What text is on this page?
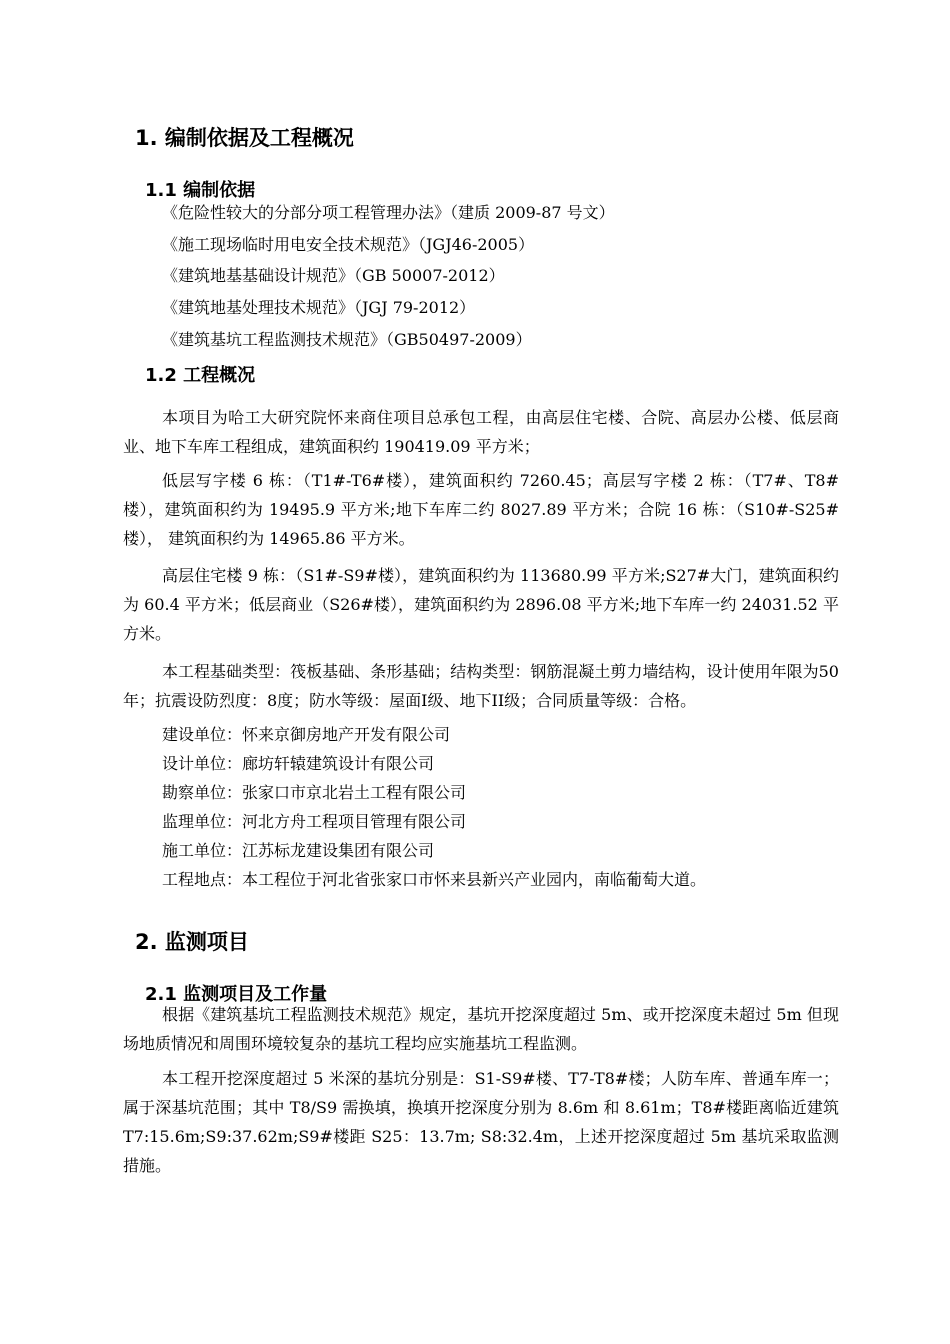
1. 编制依据及工程概况
1.1 编制依据
《危险性较大的分部分项工程管理办法》（建质 2009-87 号文）
《施工现场临时用电安全技术规范》（JGJ46-2005）
《建筑地基基础设计规范》（GB 50007-2012）
《建筑地基处理技术规范》（JGJ 79-2012）
《建筑基坑工程监测技术规范》（GB50497-2009）
1.2 工程概况

本项目为哈工大研究院怀来商住项目总承包工程，由高层住宅楼、合院、高层办公楼、低层商业、地下车库工程组成，建筑面积约 190419.09 平方米；

低层写字楼 6 栋：（T1#-T6#楼），建筑面积约 7260.45；高层写字楼 2 栋：（T7#、T8#楼），建筑面积约为 19495.9 平方米;地下车库二约 8027.89 平方米；合院 16 栋：（S10#-S25#楼）， 建筑面积约为 14965.86 平方米。

高层住宅楼 9 栋：（S1#-S9#楼），建筑面积约为 113680.99 平方米;S27#大门，建筑面积约为 60.4 平方米；低层商业（S26#楼），建筑面积约为 2896.08 平方米;地下车库一约 24031.52 平方米。

本工程基础类型：筏板基础、条形基础；结构类型：钢筋混凝土剪力墙结构，设计使用年限为50年；抗震设防烈度：8度；防水等级：屋面I级、地下II级；合同质量等级：合格。

建设单位：怀来京御房地产开发有限公司
设计单位：廊坊轩辕建筑设计有限公司
勘察单位：张家口市京北岩土工程有限公司
监理单位：河北方舟工程项目管理有限公司
施工单位：江苏标龙建设集团有限公司
工程地点：本工程位于河北省张家口市怀来县新兴产业园内，南临葡萄大道。
2. 监测项目
2.1 监测项目及工作量

根据《建筑基坑工程监测技术规范》规定，基坑开挖深度超过 5m、或开挖深度未超过 5m 但现场地质情况和周围环境较复杂的基坑工程均应实施基坑工程监测。

本工程开挖深度超过 5 米深的基坑分别是：S1-S9#楼、T7-T8#楼；人防车库、普通车库一；属于深基坑范围；其中 T8/S9 需换填，换填开挖深度分别为 8.6m 和 8.61m；T8#楼距离临近建筑 T7:15.6m;S9:37.62m;S9#楼距 S25：13.7m; S8:32.4m，上述开挖深度超过 5m 基坑采取监测措施。
